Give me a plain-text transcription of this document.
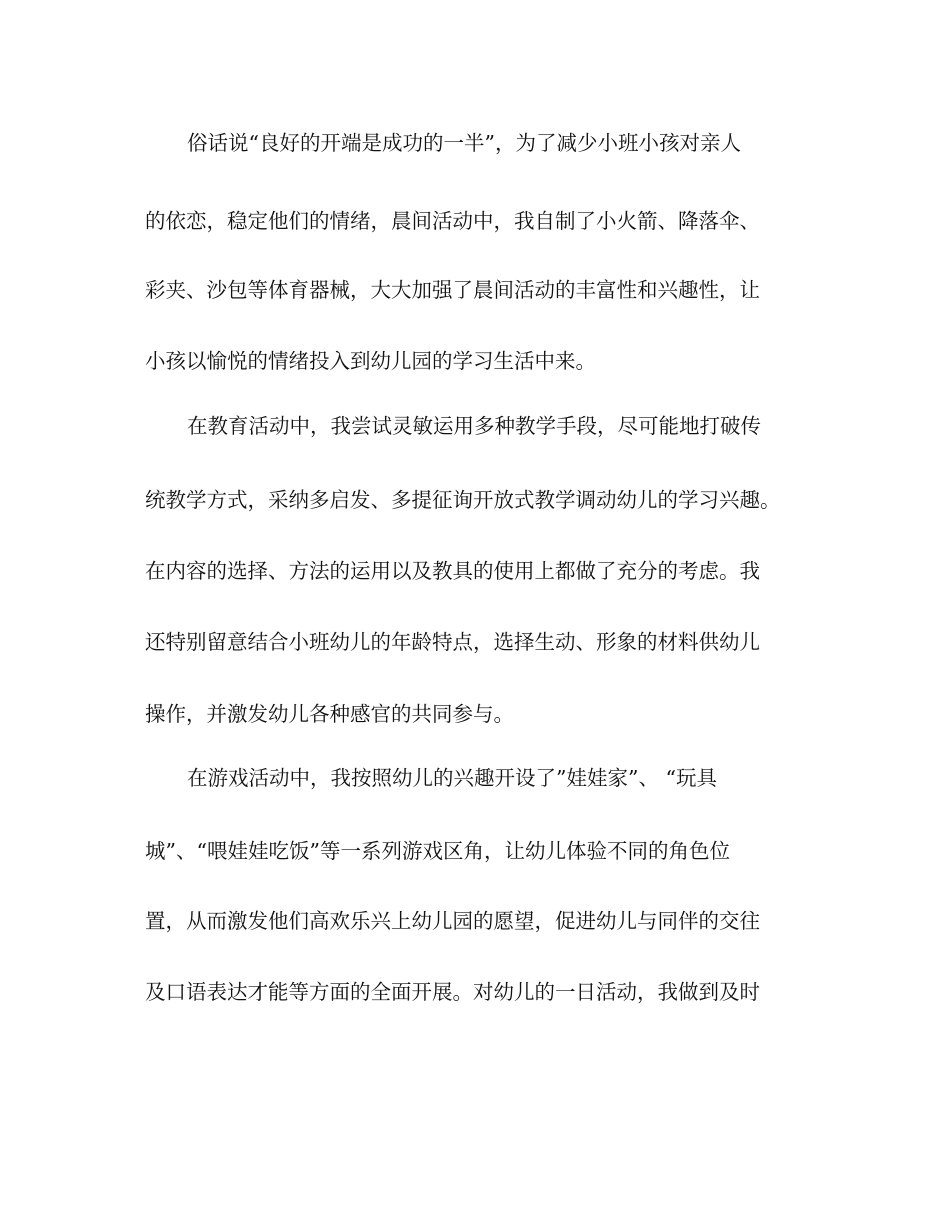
俗话说“良好的开端是成功的一半”，为了减少小班小孩对亲人
的依恋，稳定他们的情绪，晨间活动中，我自制了小火箭、降落伞、
彩夹、沙包等体育器械，大大加强了晨间活动的丰富性和兴趣性，让
小孩以愉悦的情绪投入到幼儿园的学习生活中来。
在教育活动中，我尝试灵敏运用多种教学手段，尽可能地打破传
统教学方式，采纳多启发、多提征询开放式教学调动幼儿的学习兴趣。
在内容的选择、方法的运用以及教具的使用上都做了充分的考虑。我
还特别留意结合小班幼儿的年龄特点，选择生动、形象的材料供幼儿
操作，并激发幼儿各种感官的共同参与。
在游戏活动中，我按照幼儿的兴趣开设了”娃娃家”、 “玩具
城”、“喂娃娃吃饭”等一系列游戏区角，让幼儿体验不同的角色位
置，从而激发他们高欢乐兴上幼儿园的愿望，促进幼儿与同伴的交往
及口语表达才能等方面的全面开展。对幼儿的一日活动，我做到及时
